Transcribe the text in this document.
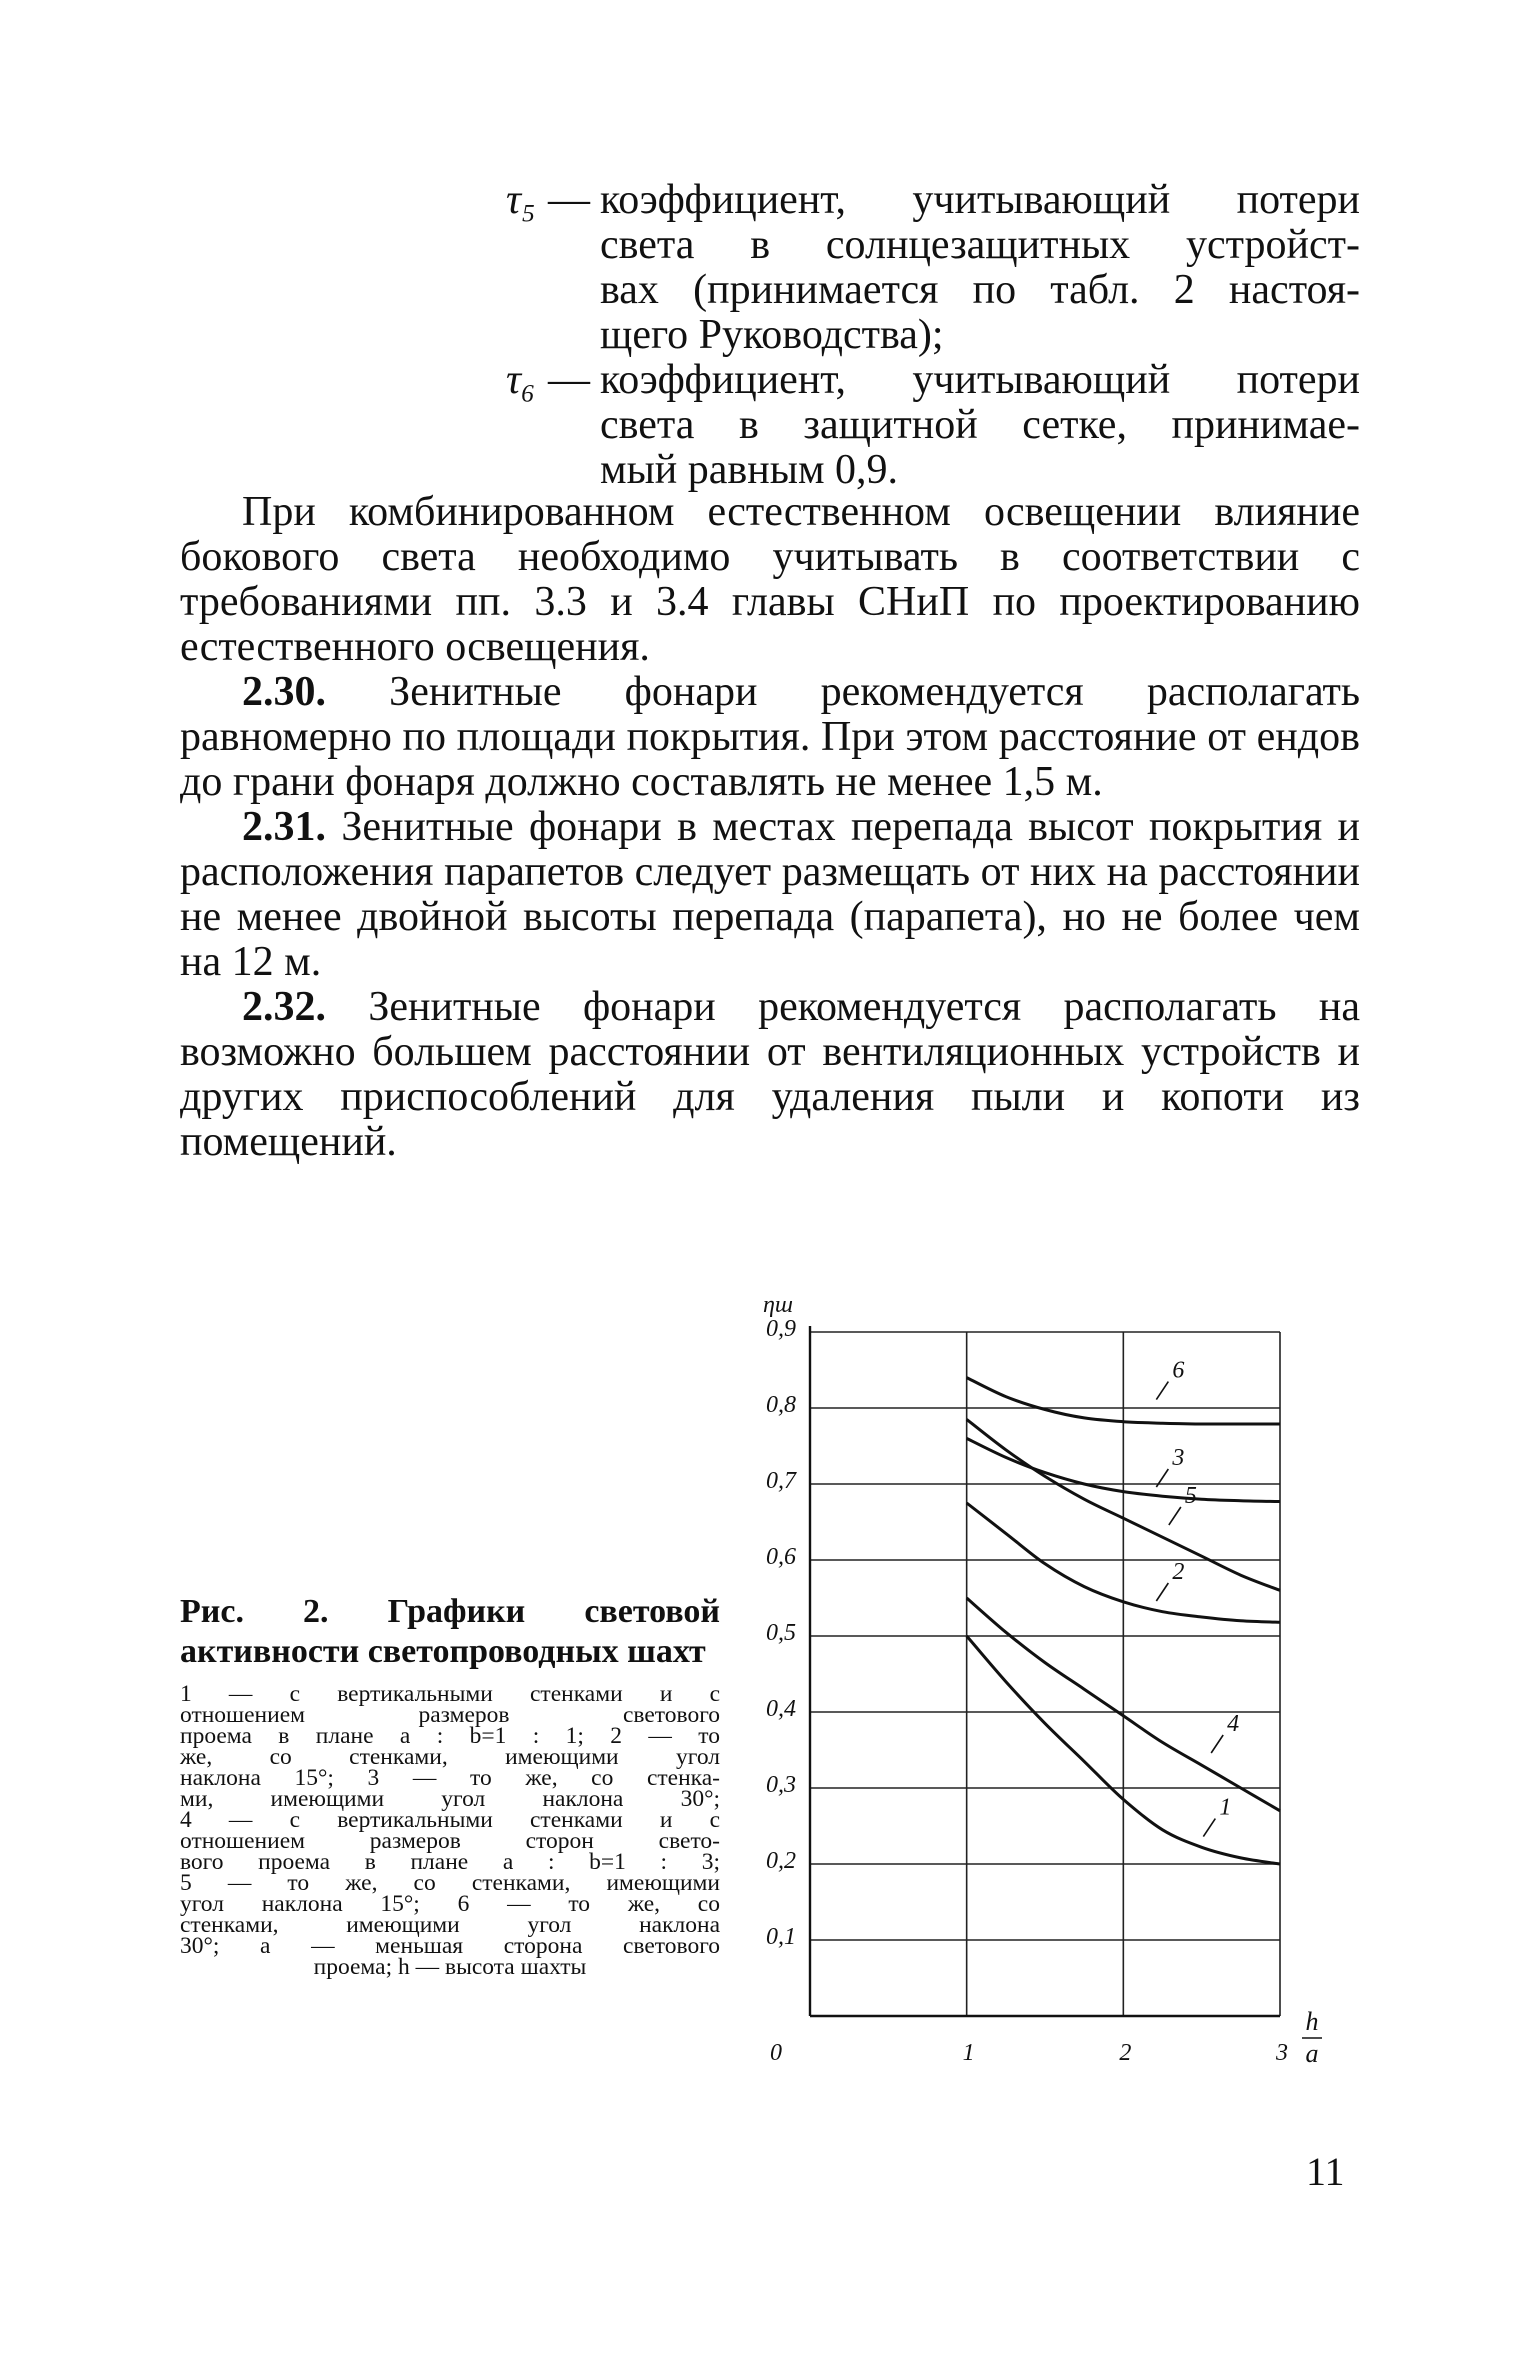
τ₅ — коэффициент, учитывающий потери
света в солнцезащитных устройст-
вах (принимается по табл. 2 настоя-
щего Руководства);
τ₆ — коэффициент, учитывающий потери
света в защитной сетке, принимае-
мый равным 0,9.

При комбинированном естественном освещении влияние бокового света необходимо учитывать в соответствии с требованиями пп. 3.3 и 3.4 главы СНиП по проектированию естественного освещения.

2.30. Зенитные фонари рекомендуется располагать равномерно по площади покрытия. При этом расстояние от ендов до грани фонаря должно составлять не менее 1,5 м.

2.31. Зенитные фонари в местах перепада высот покрытия и расположения парапетов следует размещать от них на расстоянии не менее двойной высоты перепада (парапета), но не более чем на 12 м.

2.32. Зенитные фонари рекомендуется располагать на возможно большем расстоянии от вентиляционных устройств и других приспособлений для удаления пыли и копоти из помещений.

Рис. 2. Графики световой активности светопроводных шахт

1 — с вертикальными стенками и с
отношением размеров светового
проема в плане a : b=1 : 1; 2 — то
же, со стенками, имеющими угол
наклона 15°; 3 — то же, со стенка-
ми, имеющими угол наклона 30°;
4 — с вертикальными стенками и с
отношением размеров сторон свето-
вого проема в плане a : b=1 : 3;
5 — то же, со стенками, имеющими
угол наклона 15°; 6 — то же, со
стенками, имеющими угол наклона
30°; a — меньшая сторона светового
проема; h — высота шахты
0,1
0,2
0,3
0,4
0,5
0,6
0,7
0,8
0,9
0	1	2	3
ηш
h
a
6
3
5
2
4
1
11
